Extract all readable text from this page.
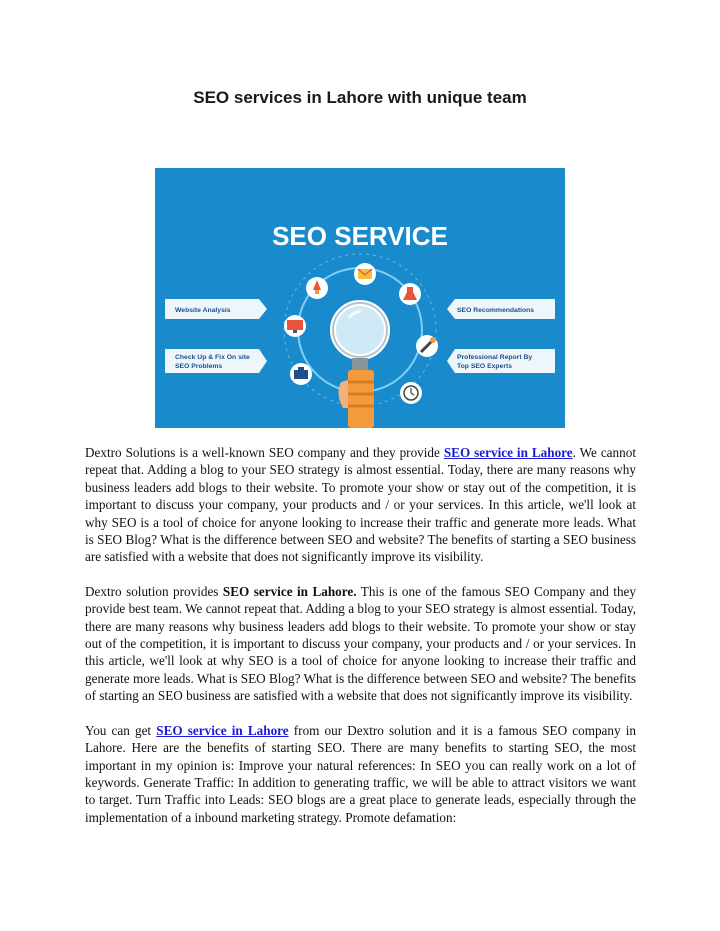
SEO services in Lahore with unique team
SEO SERVICE
Website Analysis
Check Up & Fix On site
SEO Problems
SEO Recommendations
Professional Report By
Top SEO Experts

Dextro Solutions is a well-known SEO company and they provide SEO service in Lahore. We cannot repeat that. Adding a blog to your SEO strategy is almost essential. Today, there are many reasons why business leaders add blogs to their website. To promote your show or stay out of the competition, it is important to discuss your company, your products and / or your services. In this article, we'll look at why SEO is a tool of choice for anyone looking to increase their traffic and generate more leads. What is SEO Blog? What is the difference between SEO and website? The benefits of starting a SEO business are satisfied with a website that does not significantly improve its visibility.

Dextro solution provides SEO service in Lahore. This is one of the famous SEO Company and they provide best team. We cannot repeat that. Adding a blog to your SEO strategy is almost essential. Today, there are many reasons why business leaders add blogs to their website. To promote your show or stay out of the competition, it is important to discuss your company, your products and / or your services. In this article, we'll look at why SEO is a tool of choice for anyone looking to increase their traffic and generate more leads. What is SEO Blog? What is the difference between SEO and website? The benefits of starting an SEO business are satisfied with a website that does not significantly improve its visibility.

You can get SEO service in Lahore from our Dextro solution and it is a famous SEO company in Lahore. Here are the benefits of starting SEO. There are many benefits to starting SEO, the most important in my opinion is: Improve your natural references: In SEO you can really work on a lot of keywords. Generate Traffic: In addition to generating traffic, we will be able to attract visitors we want to target. Turn Traffic into Leads: SEO blogs are a great place to generate leads, especially through the implementation of a inbound marketing strategy. Promote defamation:
